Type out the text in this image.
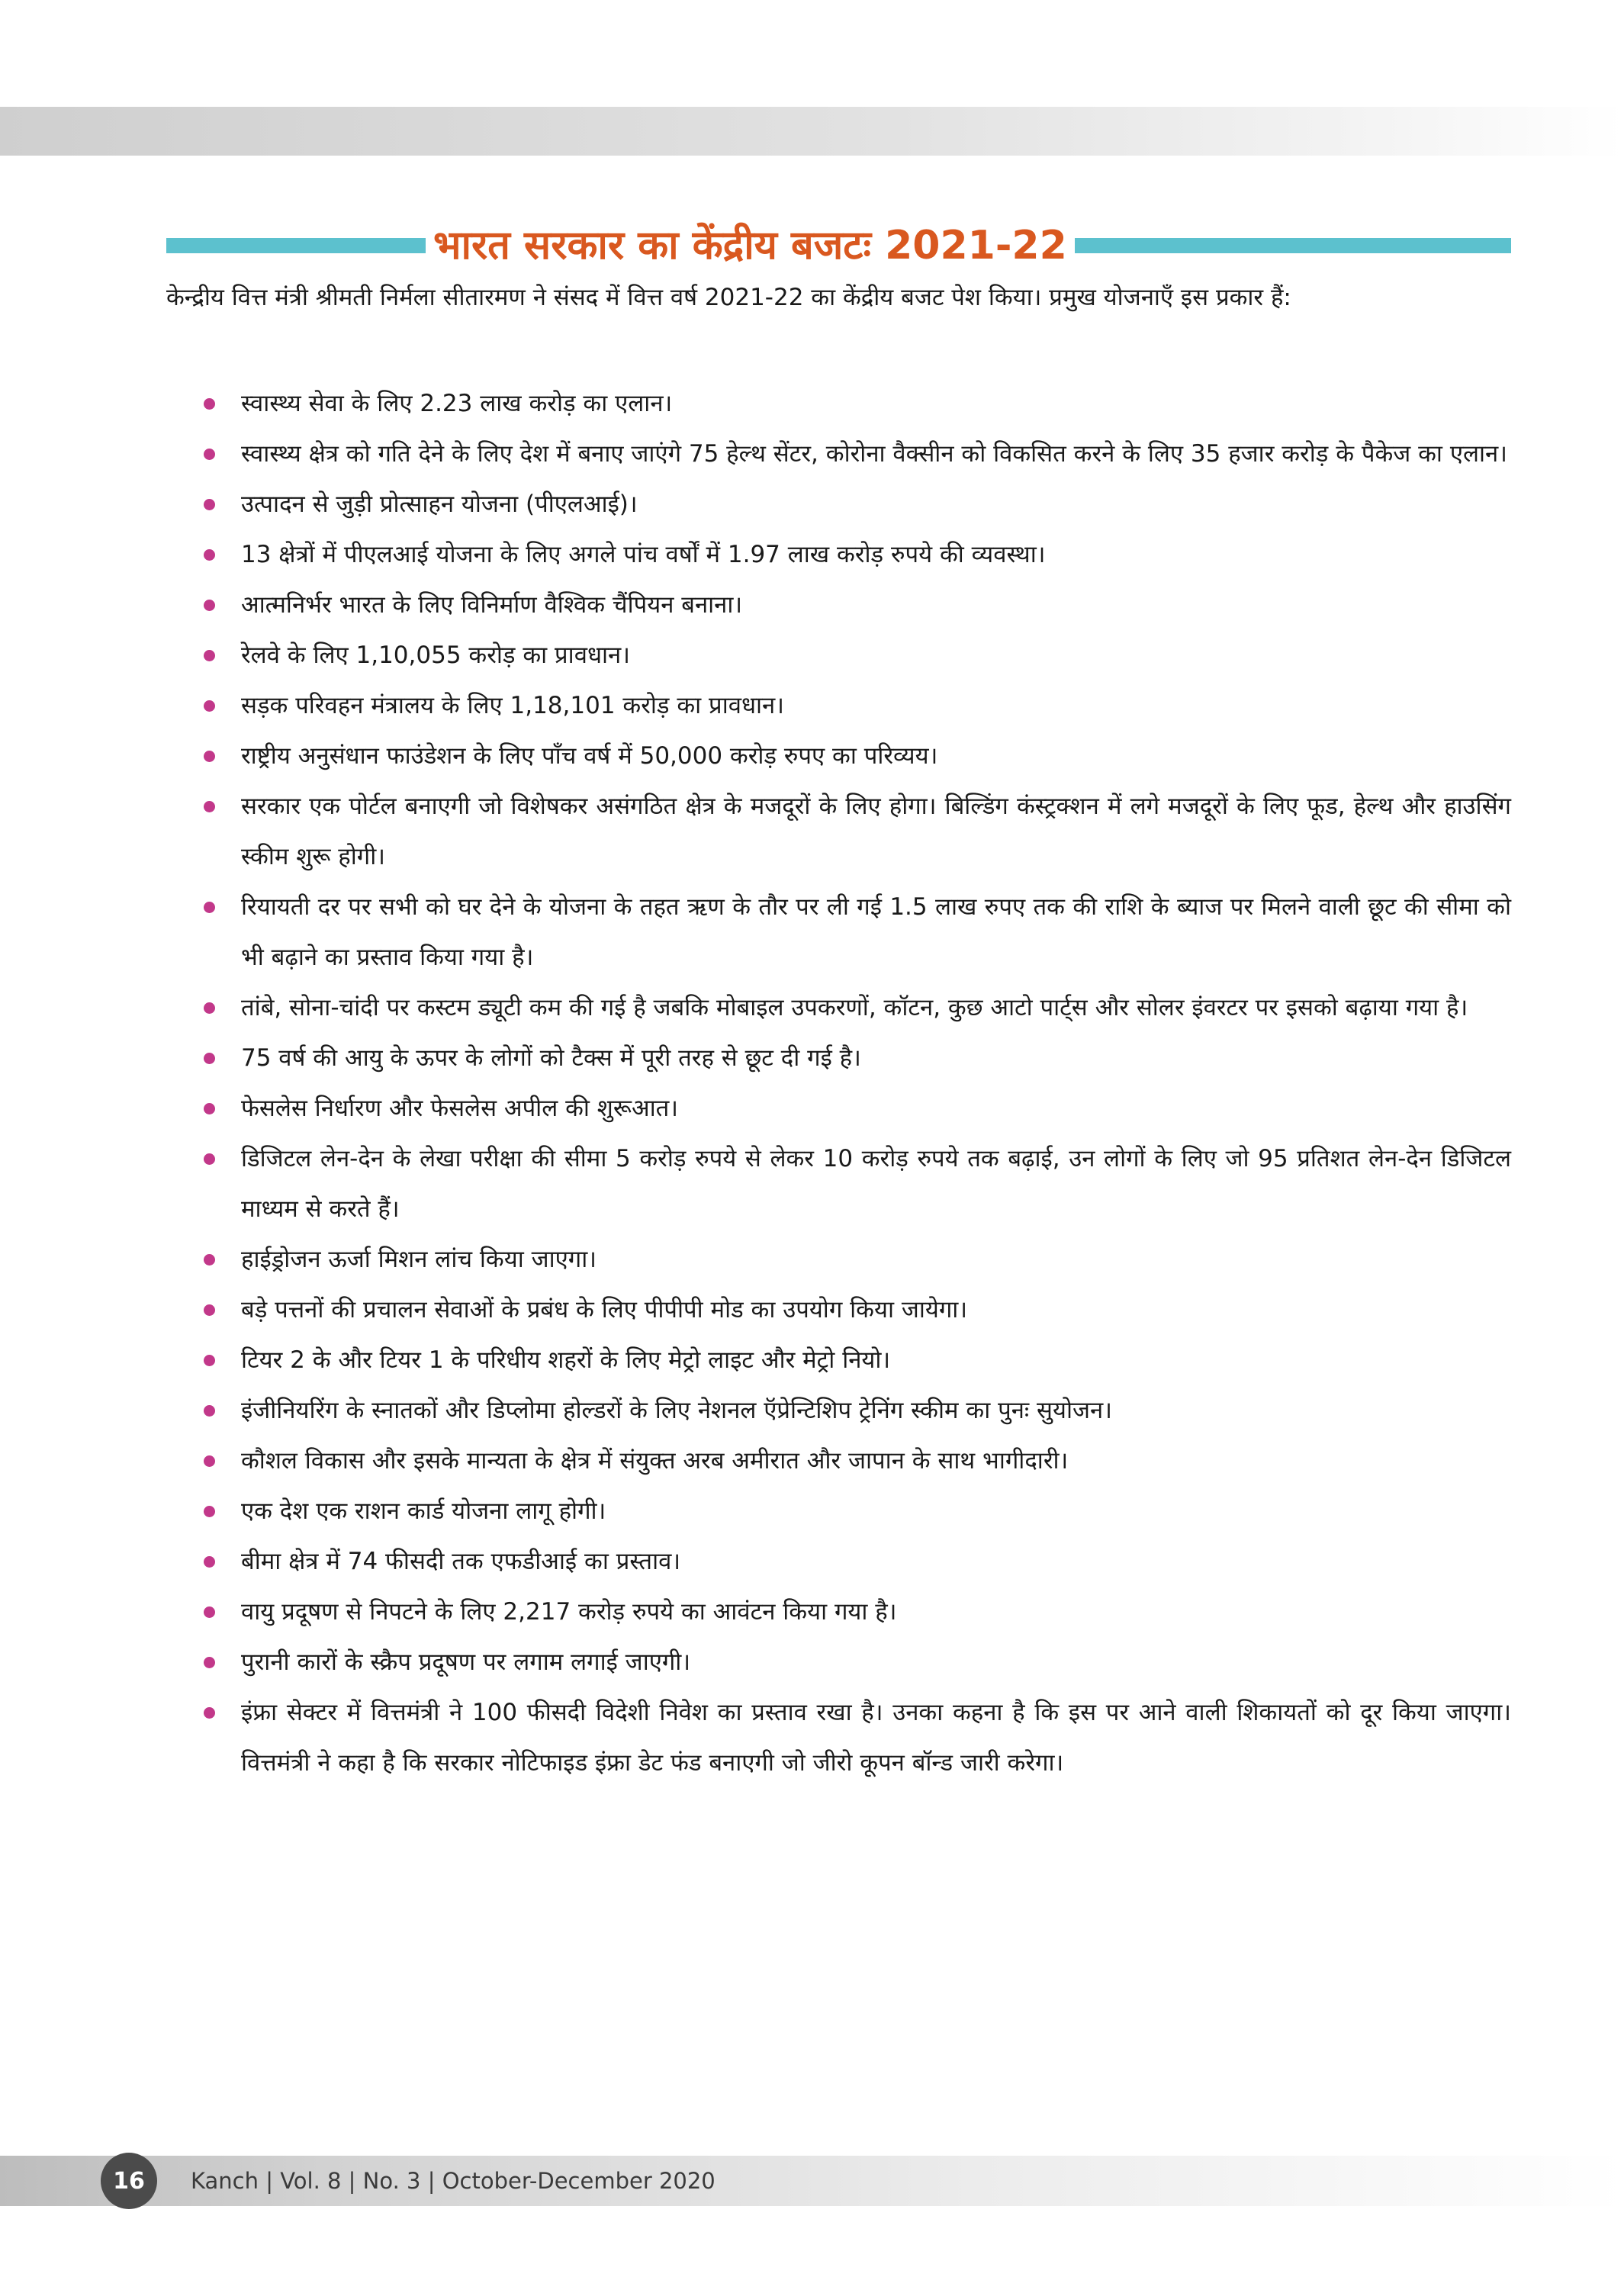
भारत सरकार का केंद्रीय बजटः 2021-22
केन्द्रीय वित्त मंत्री श्रीमती निर्मला सीतारमण ने संसद में वित्त वर्ष 2021-22 का केंद्रीय बजट पेश किया। प्रमुख योजनाएँ इस प्रकार हैं:
स्वास्थ्य सेवा के लिए 2.23 लाख करोड़ का एलान।
स्वास्थ्य क्षेत्र को गति देने के लिए देश में बनाए जाएंगे 75 हेल्थ सेंटर, कोरोना वैक्सीन को विकसित करने के लिए 35 हजार करोड़ के पैकेज का एलान।
उत्पादन से जुड़ी प्रोत्साहन योजना (पीएलआई)।
13 क्षेत्रों में पीएलआई योजना के लिए अगले पांच वर्षों में 1.97 लाख करोड़ रुपये की व्यवस्था।
आत्मनिर्भर भारत के लिए विनिर्माण वैश्विक चैंपियन बनाना।
रेलवे के लिए 1,10,055 करोड़ का प्रावधान।
सड़क परिवहन मंत्रालय के लिए 1,18,101 करोड़ का प्रावधान।
राष्ट्रीय अनुसंधान फाउंडेशन के लिए पाँच वर्ष में 50,000 करोड़ रुपए का परिव्यय।
सरकार एक पोर्टल बनाएगी जो विशेषकर असंगठित क्षेत्र के मजदूरों के लिए होगा। बिल्डिंग कंस्ट्रक्शन में लगे मजदूरों के लिए फूड, हेल्थ और हाउसिंग स्कीम शुरू होगी।
रियायती दर पर सभी को घर देने के योजना के तहत ऋण के तौर पर ली गई 1.5 लाख रुपए तक की राशि के ब्याज पर मिलने वाली छूट की सीमा को भी बढ़ाने का प्रस्ताव किया गया है।
तांबे, सोना-चांदी पर कस्टम ड्यूटी कम की गई है जबकि मोबाइल उपकरणों, कॉटन, कुछ आटो पार्ट्स और सोलर इंवरटर पर इसको बढ़ाया गया है।
75 वर्ष की आयु के ऊपर के लोगों को टैक्स में पूरी तरह से छूट दी गई है।
फेसलेस निर्धारण और फेसलेस अपील की शुरूआत।
डिजिटल लेन-देन के लेखा परीक्षा की सीमा 5 करोड़ रुपये से लेकर 10 करोड़ रुपये तक बढ़ाई, उन लोगों के लिए जो 95 प्रतिशत लेन-देन डिजिटल माध्यम से करते हैं।
हाईड्रोजन ऊर्जा मिशन लांच किया जाएगा।
बड़े पत्तनों की प्रचालन सेवाओं के प्रबंध के लिए पीपीपी मोड का उपयोग किया जायेगा।
टियर 2 के और टियर 1 के परिधीय शहरों के लिए मेट्रो लाइट और मेट्रो नियो।
इंजीनियरिंग के स्नातकों और डिप्लोमा होल्डरों के लिए नेशनल ऍप्रेन्टिशिप ट्रेनिंग स्कीम का पुनः सुयोजन।
कौशल विकास और इसके मान्यता के क्षेत्र में संयुक्त अरब अमीरात और जापान के साथ भागीदारी।
एक देश एक राशन कार्ड योजना लागू होगी।
बीमा क्षेत्र में 74 फीसदी तक एफडीआई का प्रस्ताव।
वायु प्रदूषण से निपटने के लिए 2,217 करोड़ रुपये का आवंटन किया गया है।
पुरानी कारों के स्क्रैप प्रदूषण पर लगाम लगाई जाएगी।
इंफ्रा सेक्टर में वित्तमंत्री ने 100 फीसदी विदेशी निवेश का प्रस्ताव रखा है। उनका कहना है कि इस पर आने वाली शिकायतों को दूर किया जाएगा। वित्तमंत्री ने कहा है कि सरकार नोटिफाइड इंफ्रा डेट फंड बनाएगी जो जीरो कूपन बॉन्ड जारी करेगा।
16	Kanch | Vol. 8 | No. 3 | October-December 2020
